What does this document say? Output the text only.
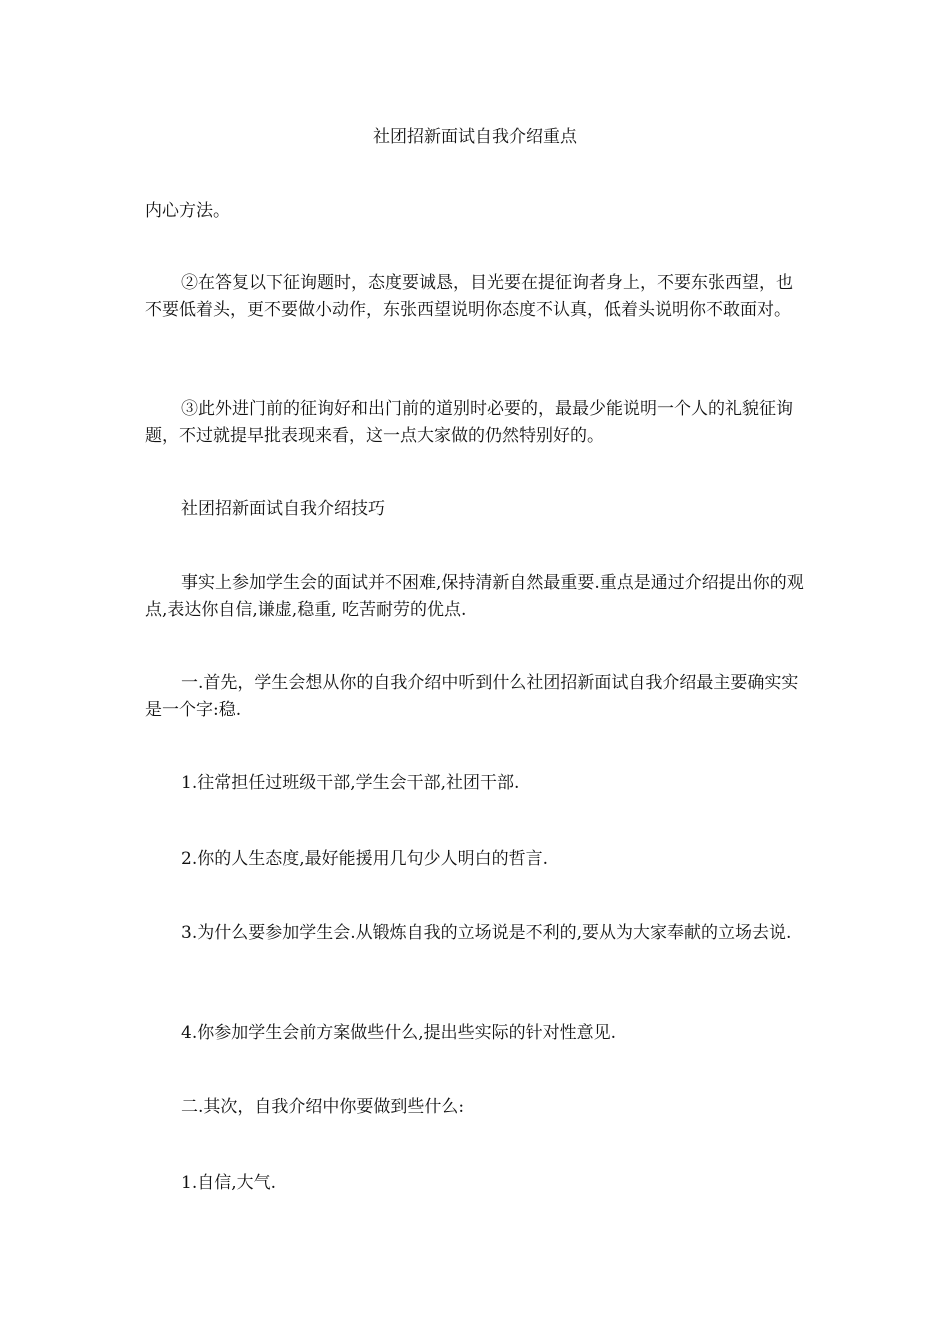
社团招新面试自我介绍重点

内心方法。

②在答复以下征询题时，态度要诚恳，目光要在提征询者身上，不要东张西望，也不要低着头，更不要做小动作，东张西望说明你态度不认真，低着头说明你不敢面对。

③此外进门前的征询好和出门前的道别时必要的，最最少能说明一个人的礼貌征询题，不过就提早批表现来看，这一点大家做的仍然特别好的。

社团招新面试自我介绍技巧

事实上参加学生会的面试并不困难,保持清新自然最重要.重点是通过介绍提出你的观点,表达你自信,谦虚,稳重, 吃苦耐劳的优点.

一.首先，学生会想从你的自我介绍中听到什么社团招新面试自我介绍最主要确实实是一个字:稳.

1.往常担任过班级干部,学生会干部,社团干部.

2.你的人生态度,最好能援用几句少人明白的哲言.

3.为什么要参加学生会.从锻炼自我的立场说是不利的,要从为大家奉献的立场去说.

4.你参加学生会前方案做些什么,提出些实际的针对性意见.

二.其次，自我介绍中你要做到些什么:

1.自信,大气.
